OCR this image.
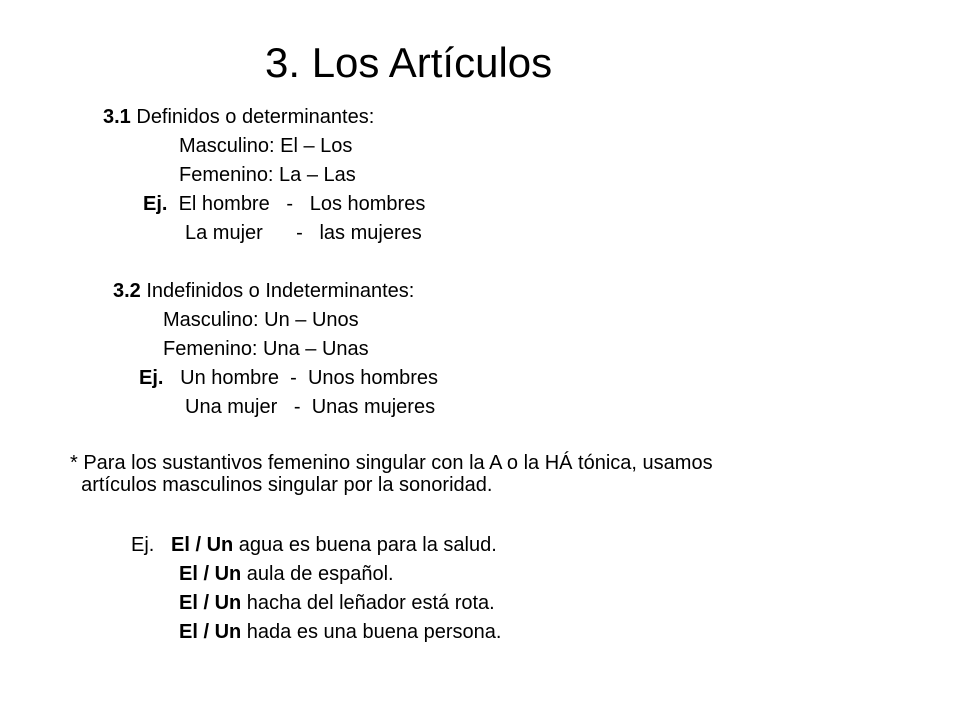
3. Los Artículos
3.1 Definidos o determinantes:
Masculino: El – Los
Femenino: La – Las
Ej.  El hombre   -   Los hombres
La mujer      -   las mujeres
3.2 Indefinidos o Indeterminantes:
Masculino: Un – Unos
Femenino: Una – Unas
Ej.   Un hombre  -  Unos hombres
Una mujer   -  Unas mujeres
* Para los sustantivos femenino singular con la A o la HÁ tónica, usamos
artículos masculinos singular por la sonoridad.
Ej.   El / Un agua es buena para la salud.
El / Un aula de español.
El / Un hacha del leñador está rota.
El / Un hada es una buena persona.
